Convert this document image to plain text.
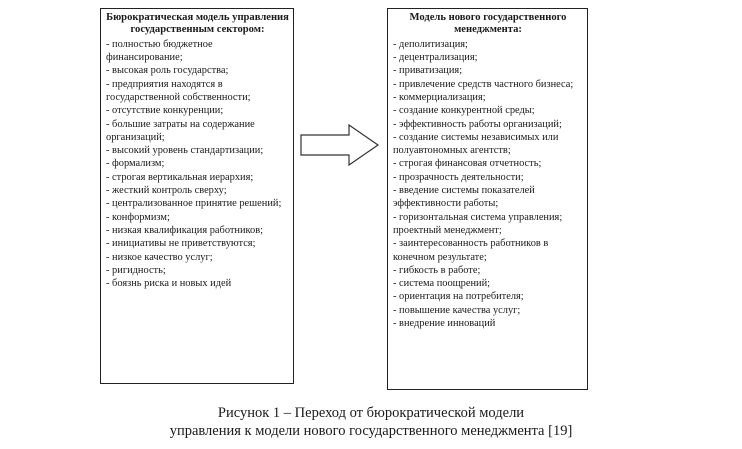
Бюрократическая модель управления государственным сектором:
- полностью бюджетное финансирование;
- высокая роль государства;
- предприятия находятся в государственной собственности;
- отсутствие конкуренции;
- большие затраты на содержание организаций;
- высокий уровень стандартизации;
- формализм;
- строгая вертикальная иерархия;
- жесткий контроль сверху;
- централизованное принятие решений;
- конформизм;
- низкая квалификация работников;
- инициативы не приветствуются;
- низкое качество услуг;
- ригидность;
- боязнь риска и новых идей
Модель нового государственного менеджмента:
- деполитизация;
- децентрализация;
- приватизация;
- привлечение средств частного бизнеса;
- коммерциализация;
- создание конкурентной среды;
- эффективность работы организаций;
- создание системы независимых или полуавтономных агентств;
- строгая финансовая отчетность;
- прозрачность деятельности;
- введение системы показателей эффективности работы;
- горизонтальная система управления; проектный менеджмент;
- заинтересованность работников в конечном результате;
- гибкость в работе;
- система поощрений;
- ориентация на потребителя;
- повышение качества услуг;
- внедрение инноваций
Рисунок 1 – Переход от бюрократической модели
управления к модели нового государственного менеджмента [19]
